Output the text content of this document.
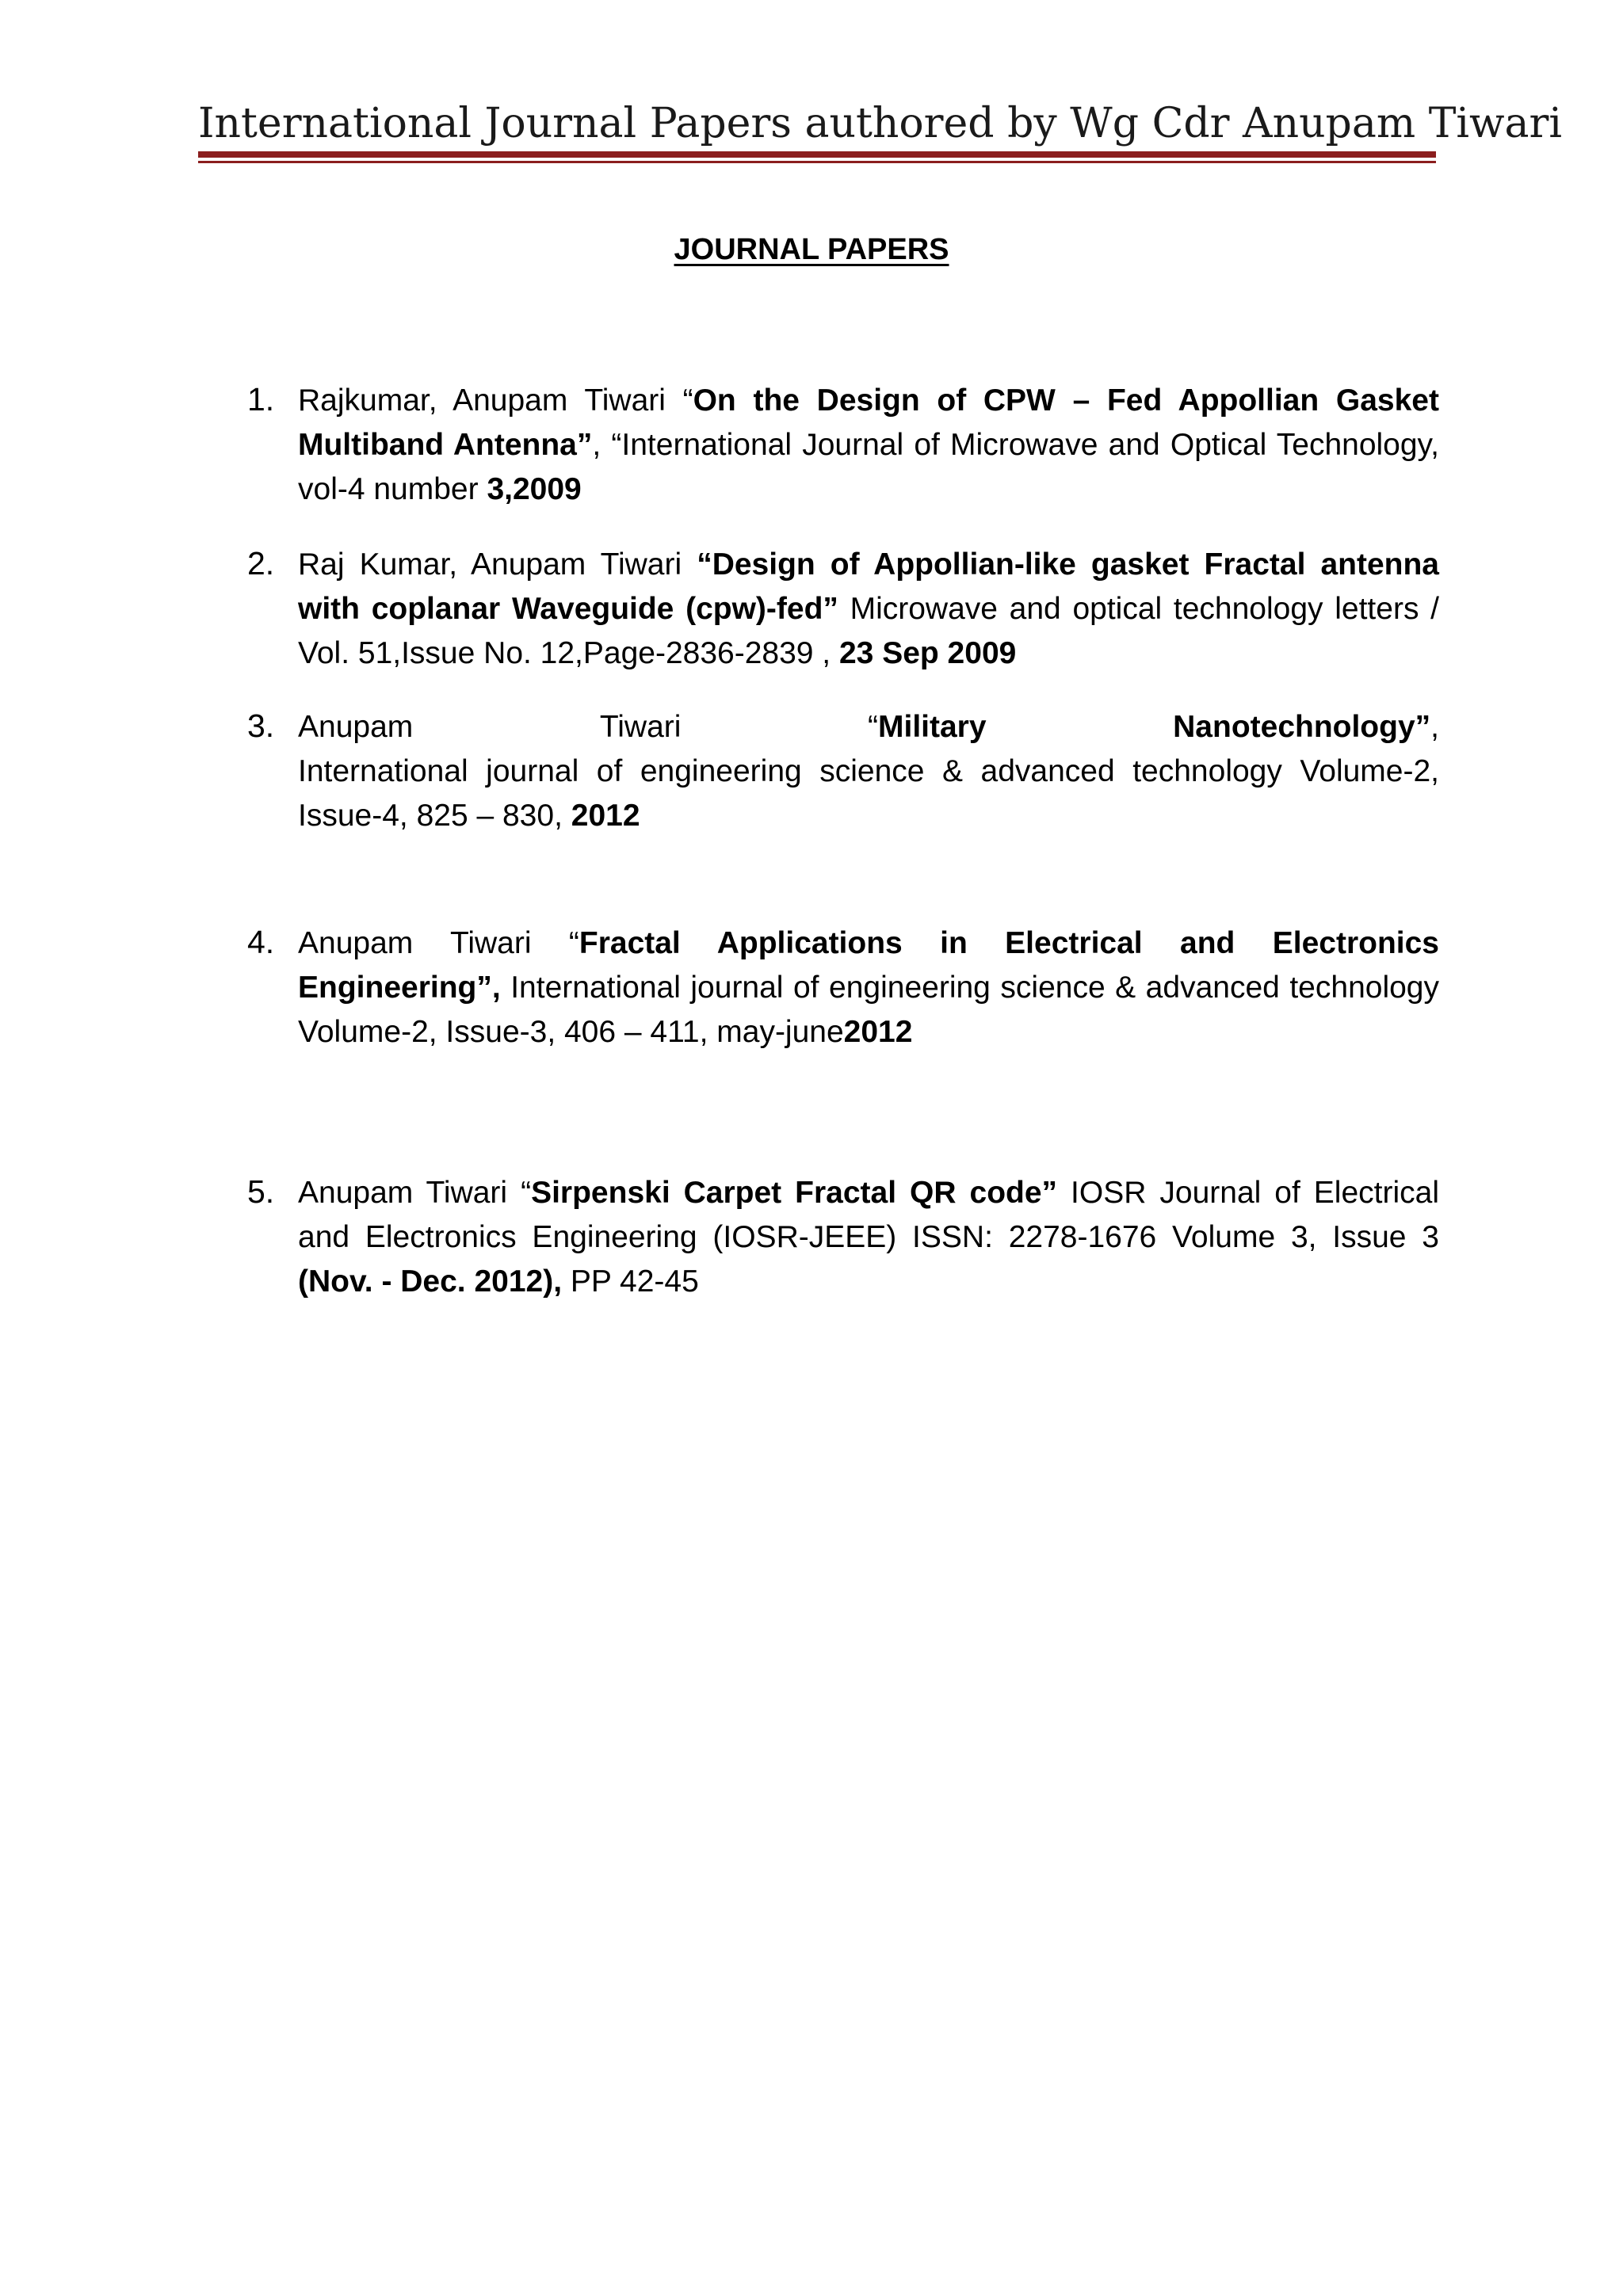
International Journal Papers authored by Wg Cdr Anupam Tiwari
JOURNAL PAPERS
1. Rajkumar, Anupam Tiwari “On the Design of CPW – Fed Appollian Gasket Multiband Antenna”, “International Journal of Microwave and Optical Technology, vol-4 number 3,2009
2. Raj Kumar, Anupam Tiwari “Design of Appollian-like gasket Fractal antenna with coplanar Waveguide (cpw)-fed” Microwave and optical technology letters / Vol. 51,Issue No. 12,Page-2836-2839 , 23 Sep 2009
3. Anupam	Tiwari	“Military	Nanotechnology”,
International journal of engineering science & advanced technology Volume-2, Issue-4, 825 – 830, 2012
4. Anupam Tiwari “Fractal Applications in Electrical and Electronics Engineering”, International journal of engineering science & advanced technology Volume-2, Issue-3, 406 – 411, may-june2012
5. Anupam Tiwari “Sirpenski Carpet Fractal QR code” IOSR Journal of Electrical and Electronics Engineering (IOSR-JEEE) ISSN: 2278-1676 Volume 3, Issue 3 (Nov. - Dec. 2012), PP 42-45
